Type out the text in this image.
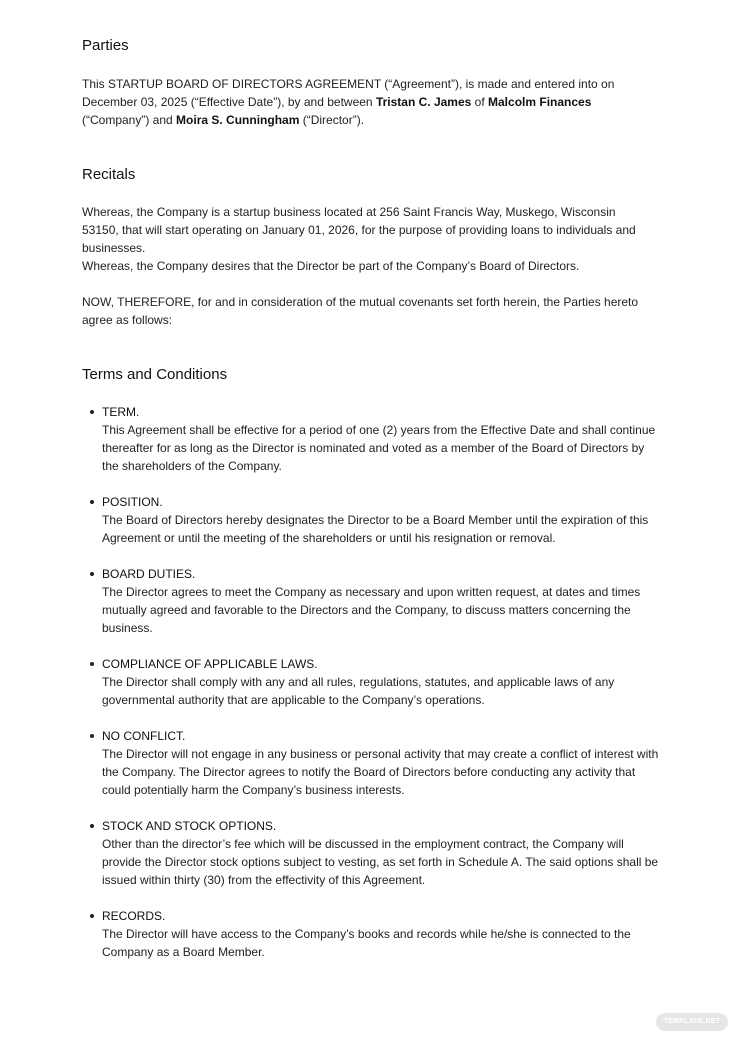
Parties

This STARTUP BOARD OF DIRECTORS AGREEMENT (“Agreement”), is made and entered into on December 03, 2025 (“Effective Date”), by and between Tristan C. James of Malcolm Finances (“Company”) and Moira S. Cunningham (“Director”).

Recitals

Whereas, the Company is a startup business located at 256 Saint Francis Way, Muskego, Wisconsin 53150, that will start operating on January 01, 2026, for the purpose of providing loans to individuals and businesses.

Whereas, the Company desires that the Director be part of the Company’s Board of Directors.

NOW, THEREFORE, for and in consideration of the mutual covenants set forth herein, the Parties hereto agree as follows:

Terms and Conditions
TERM.
This Agreement shall be effective for a period of one (2) years from the Effective Date and shall continue thereafter for as long as the Director is nominated and voted as a member of the Board of Directors by the shareholders of the Company.
POSITION.
The Board of Directors hereby designates the Director to be a Board Member until the expiration of this Agreement or until the meeting of the shareholders or until his resignation or removal.
BOARD DUTIES.
The Director agrees to meet the Company as necessary and upon written request, at dates and times mutually agreed and favorable to the Directors and the Company, to discuss matters concerning the business.
COMPLIANCE OF APPLICABLE LAWS.
The Director shall comply with any and all rules, regulations, statutes, and applicable laws of any governmental authority that are applicable to the Company’s operations.
NO CONFLICT.
The Director will not engage in any business or personal activity that may create a conflict of interest with the Company. The Director agrees to notify the Board of Directors before conducting any activity that could potentially harm the Company’s business interests.
STOCK AND STOCK OPTIONS.
Other than the director’s fee which will be discussed in the employment contract, the Company will provide the Director stock options subject to vesting, as set forth in Schedule A. The said options shall be issued within thirty (30) from the effectivity of this Agreement.
RECORDS.
The Director will have access to the Company’s books and records while he/she is connected to the Company as a Board Member.
TEMPLATE.NET
